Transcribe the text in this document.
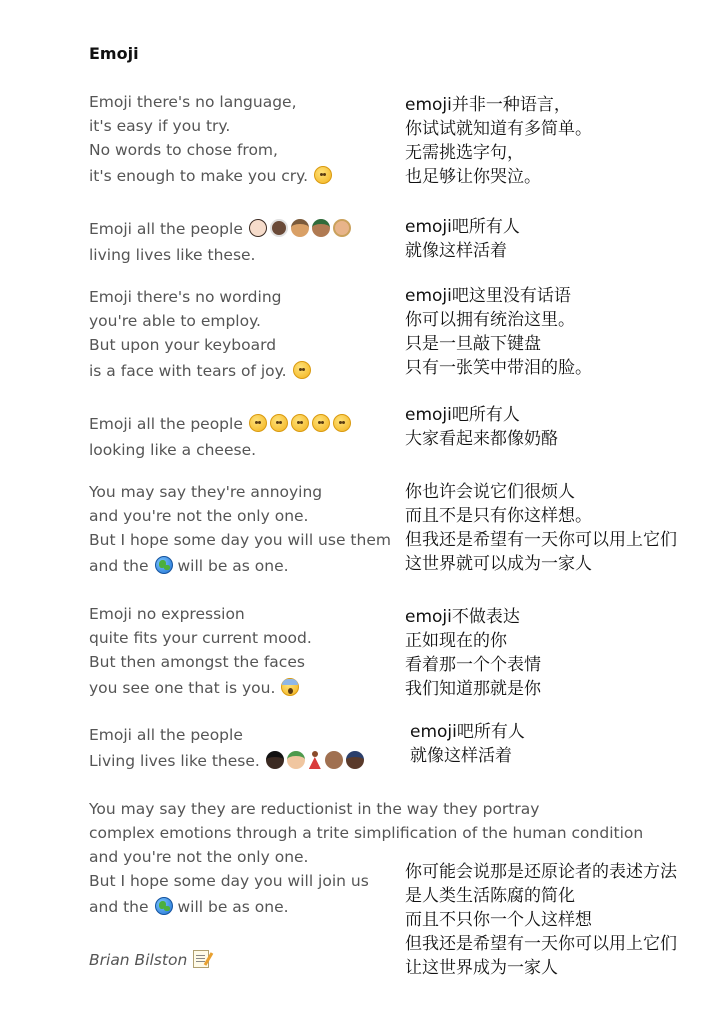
Emoji
Emoji there's no language,
it's easy if you try.
No words to chose from,
it's enough to make you cry.
emoji并非一种语言，
你试试就知道有多简单。
无需挑选字句，
也足够让你哭泣。
Emoji all the people
living lives like these.
emoji吧所有人
就像这样活着
Emoji there's no wording
you're able to employ.
But upon your keyboard
is a face with tears of joy.
emoji吧这里没有话语
你可以拥有统治这里。
只是一旦敲下键盘
只有一张笑中带泪的脸。
Emoji all the people
looking like a cheese.
emoji吧所有人
大家看起来都像奶酪
You may say they're annoying
and you're not the only one.
But I hope some day you will use them
and the will be as one.
你也许会说它们很烦人
而且不是只有你这样想。
但我还是希望有一天你可以用上它们
这世界就可以成为一家人
Emoji no expression
quite fits your current mood.
But then amongst the faces
you see one that is you.
emoji不做表达
正如现在的你
看着那一个个表情
我们知道那就是你
Emoji all the people
Living lives like these.
emoji吧所有人
就像这样活着
You may say they are reductionist in the way they portray
complex emotions through a trite simplification of the human condition
and you're not the only one.
But I hope some day you will join us
and the will be as one.
你可能会说那是还原论者的表述方法
是人类生活陈腐的简化
而且不只你一个人这样想
但我还是希望有一天你可以用上它们
让这世界成为一家人
Brian Bilston
